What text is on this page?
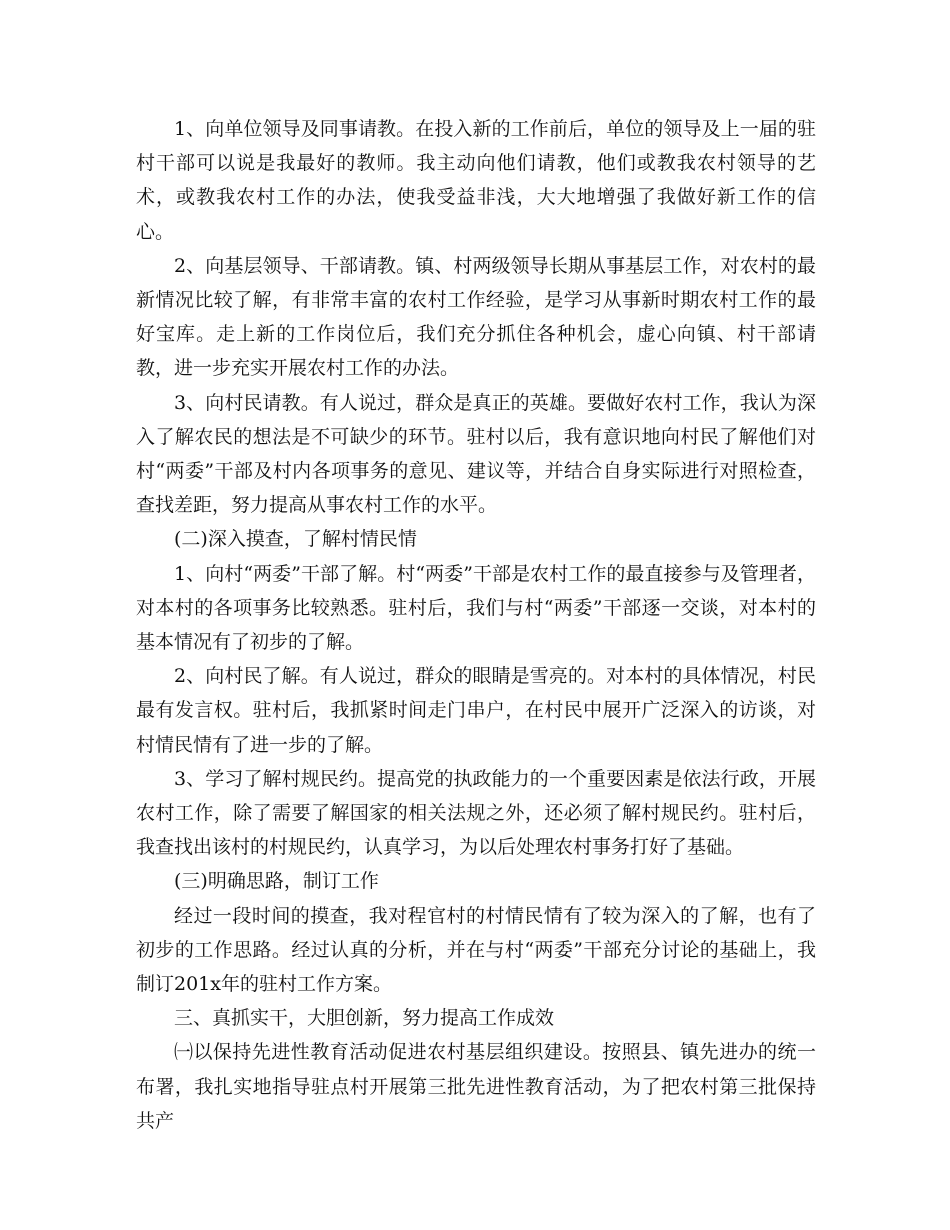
1、向单位领导及同事请教。在投入新的工作前后，单位的领导及上一届的驻村干部可以说是我最好的教师。我主动向他们请教，他们或教我农村领导的艺术，或教我农村工作的办法，使我受益非浅，大大地增强了我做好新工作的信心。

2、向基层领导、干部请教。镇、村两级领导长期从事基层工作，对农村的最新情况比较了解，有非常丰富的农村工作经验，是学习从事新时期农村工作的最好宝库。走上新的工作岗位后，我们充分抓住各种机会，虚心向镇、村干部请教，进一步充实开展农村工作的办法。

3、向村民请教。有人说过，群众是真正的英雄。要做好农村工作，我认为深入了解农民的想法是不可缺少的环节。驻村以后，我有意识地向村民了解他们对村“两委”干部及村内各项事务的意见、建议等，并结合自身实际进行对照检查，查找差距，努力提高从事农村工作的水平。

(二)深入摸查，了解村情民情

1、向村“两委”干部了解。村“两委”干部是农村工作的最直接参与及管理者，对本村的各项事务比较熟悉。驻村后，我们与村“两委”干部逐一交谈，对本村的基本情况有了初步的了解。

2、向村民了解。有人说过，群众的眼睛是雪亮的。对本村的具体情况，村民最有发言权。驻村后，我抓紧时间走门串户，在村民中展开广泛深入的访谈，对村情民情有了进一步的了解。

3、学习了解村规民约。提高党的执政能力的一个重要因素是依法行政，开展农村工作，除了需要了解国家的相关法规之外，还必须了解村规民约。驻村后，我查找出该村的村规民约，认真学习，为以后处理农村事务打好了基础。

(三)明确思路，制订工作

经过一段时间的摸查，我对程官村的村情民情有了较为深入的了解，也有了初步的工作思路。经过认真的分析，并在与村“两委”干部充分讨论的基础上，我制订201x年的驻村工作方案。

三、真抓实干，大胆创新，努力提高工作成效

㈠以保持先进性教育活动促进农村基层组织建设。按照县、镇先进办的统一布署，我扎实地指导驻点村开展第三批先进性教育活动，为了把农村第三批保持共产
